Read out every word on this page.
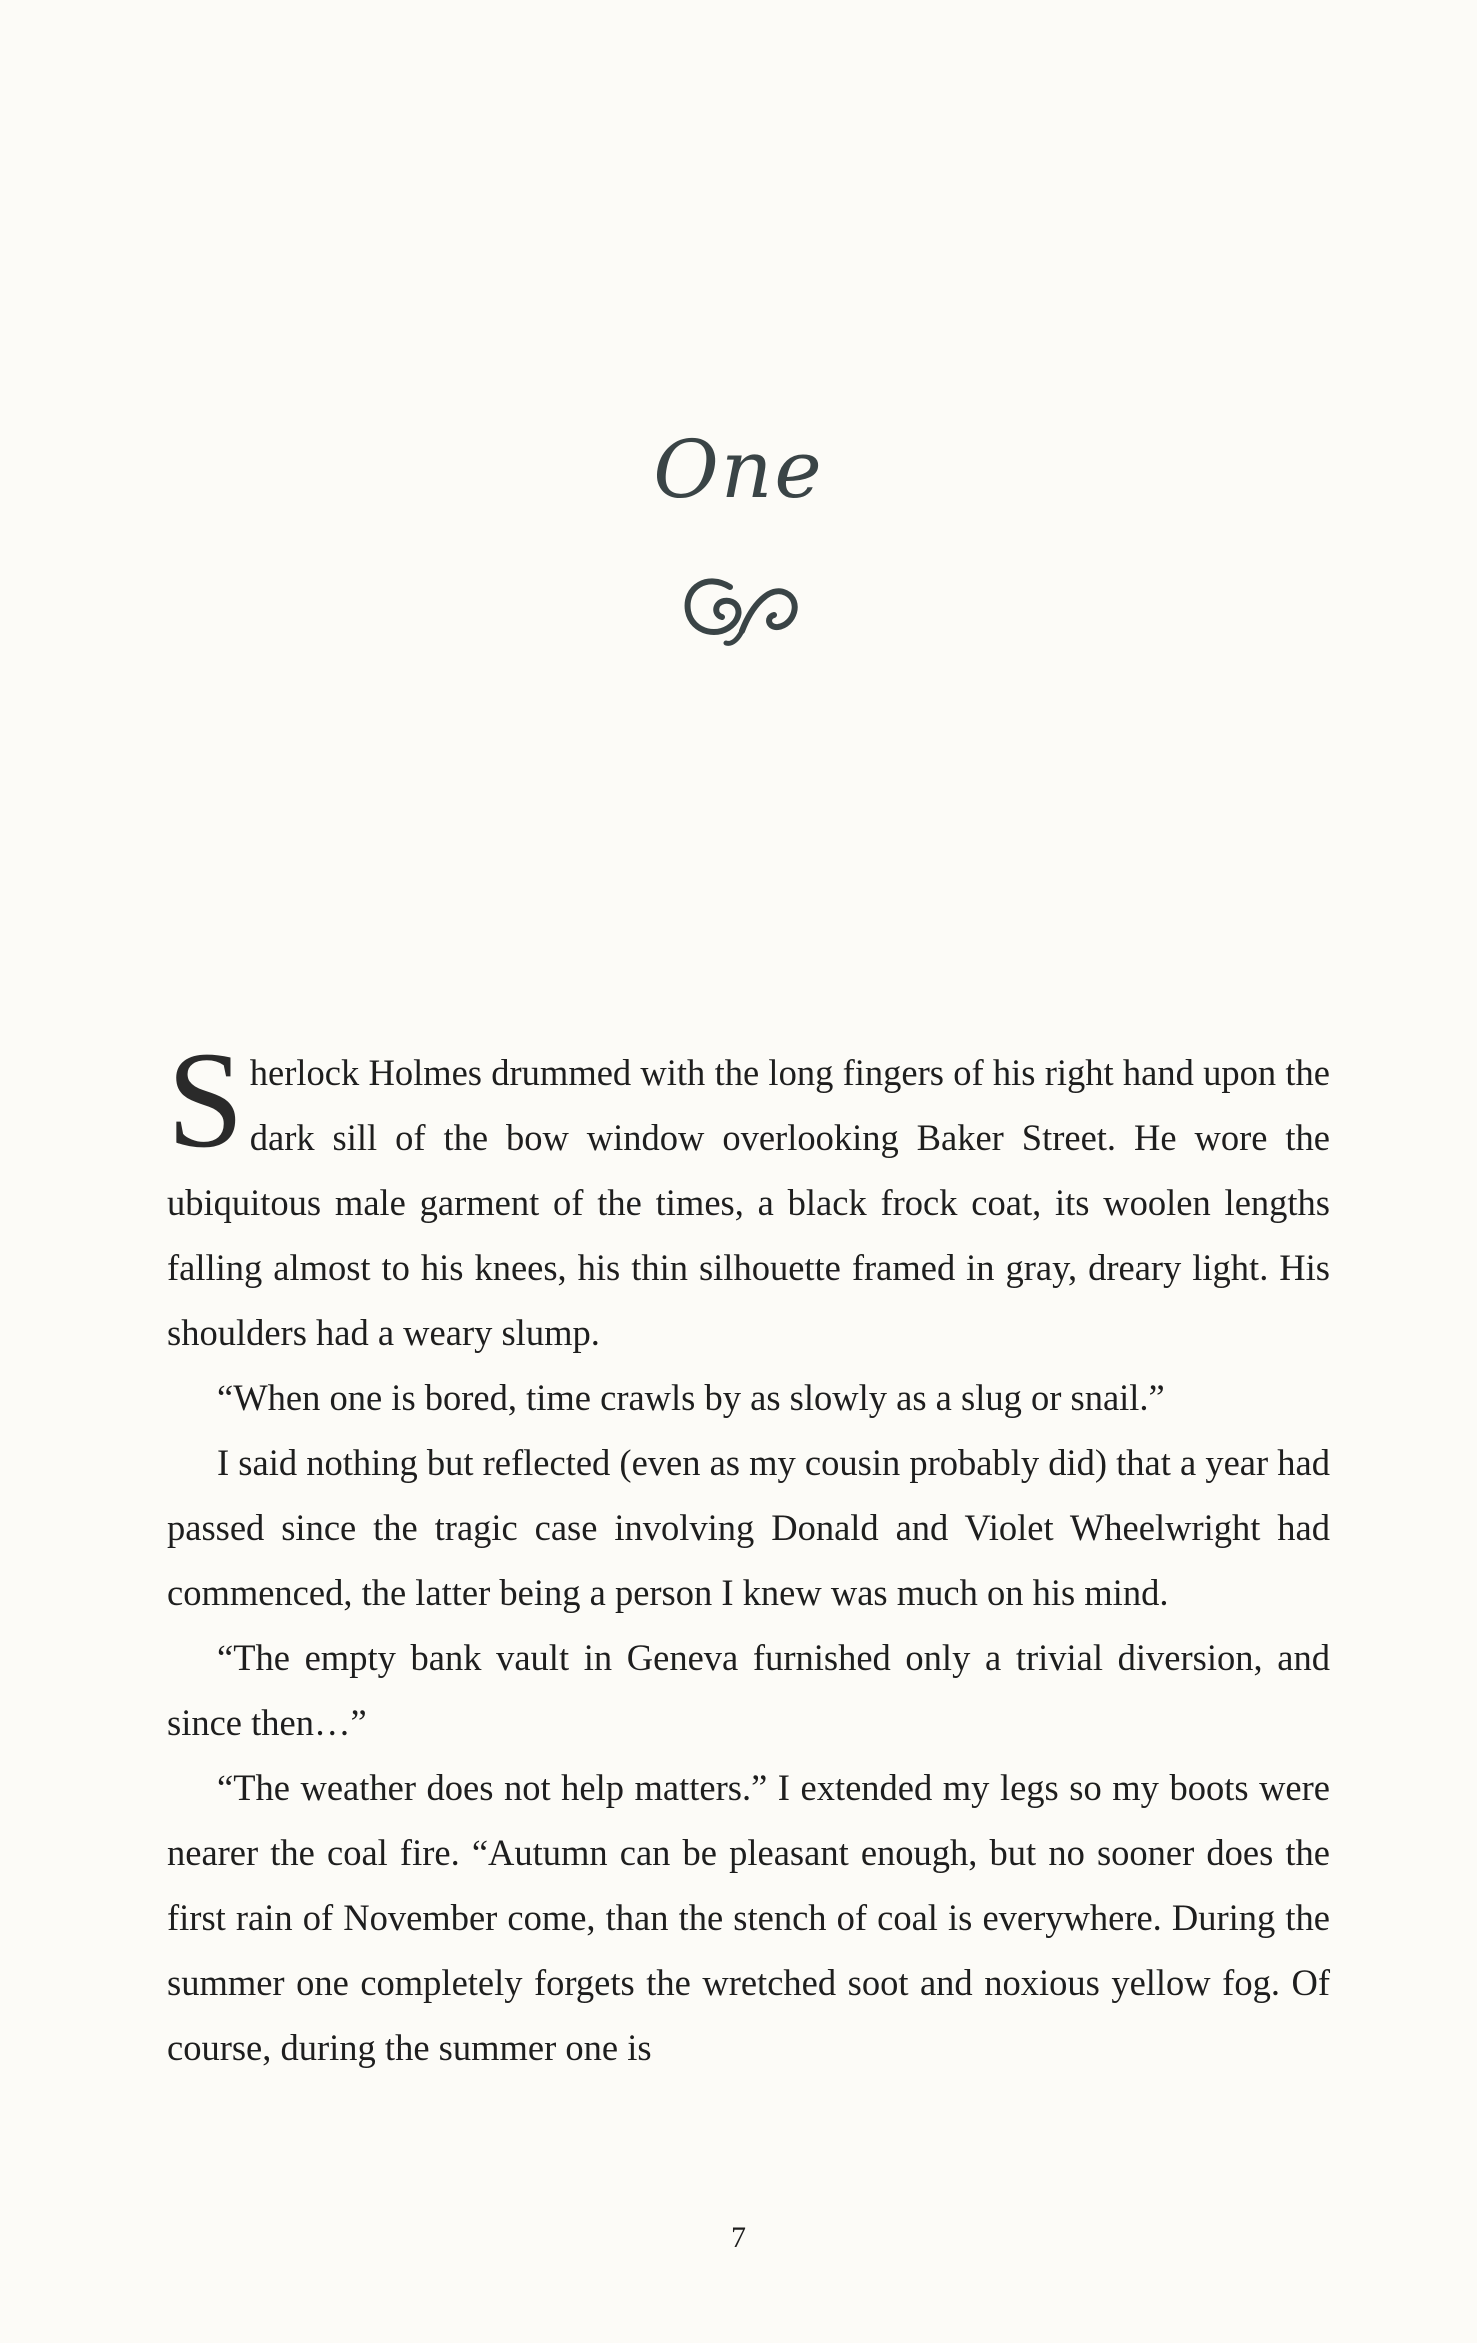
One

Sherlock Holmes drummed with the long fingers of his right hand upon the dark sill of the bow window overlooking Baker Street. He wore the ubiquitous male garment of the times, a black frock coat, its woolen lengths falling almost to his knees, his thin silhouette framed in gray, dreary light. His shoulders had a weary slump.

“When one is bored, time crawls by as slowly as a slug or snail.”

I said nothing but reflected (even as my cousin probably did) that a year had passed since the tragic case involving Donald and Violet Wheelwright had commenced, the latter being a person I knew was much on his mind.

“The empty bank vault in Geneva furnished only a trivial diversion, and since then…”

“The weather does not help matters.” I extended my legs so my boots were nearer the coal fire. “Autumn can be pleasant enough, but no sooner does the first rain of November come, than the stench of coal is everywhere. During the summer one completely forgets the wretched soot and noxious yellow fog. Of course, during the summer one is

7
